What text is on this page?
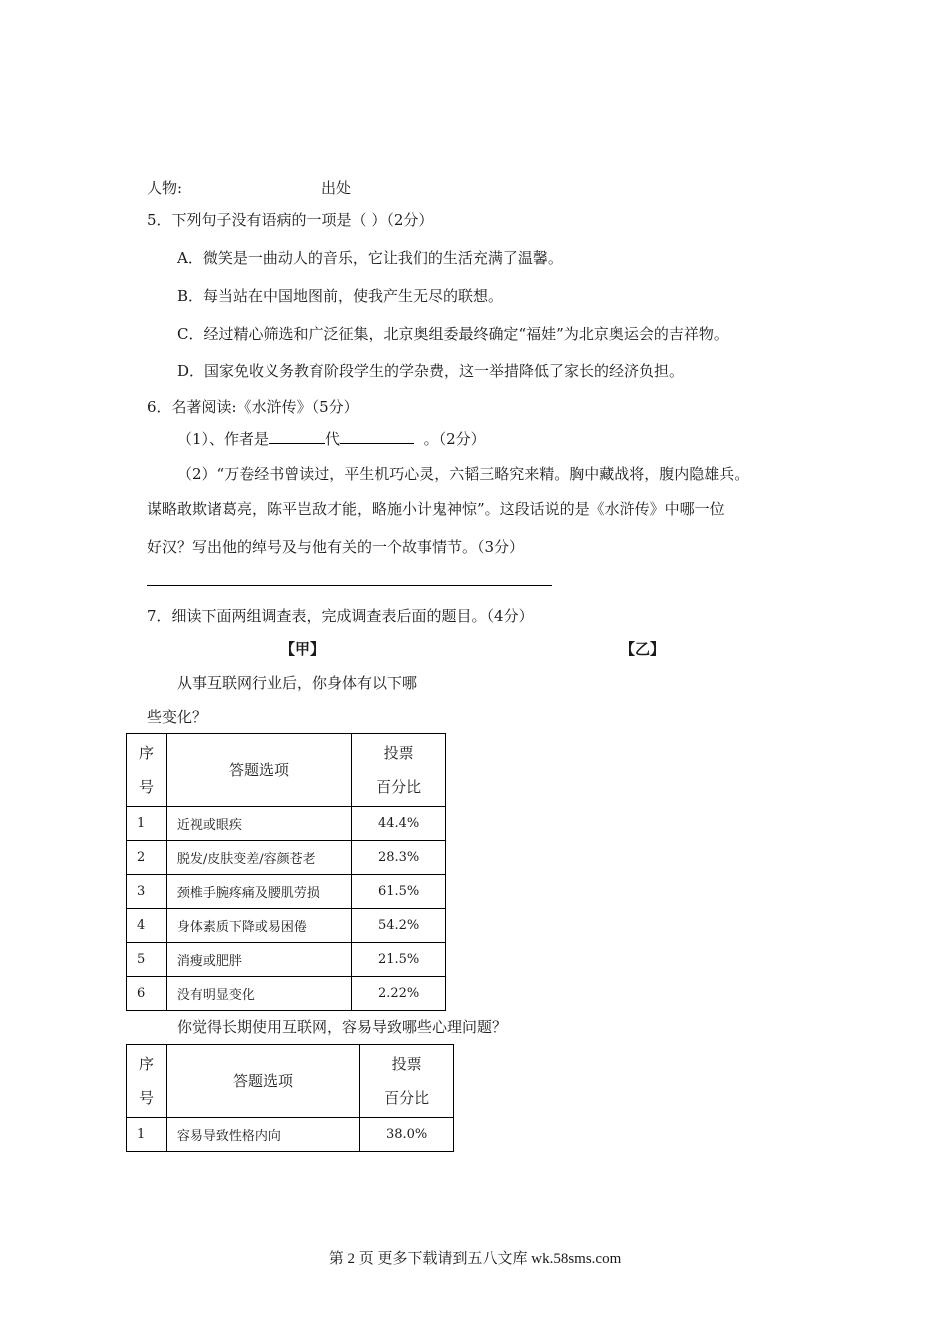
人物:	出处
5．下列句子没有语病的一项是（ ）（2分）
A．微笑是一曲动人的音乐，它让我们的生活充满了温馨。
B．每当站在中国地图前，使我产生无尽的联想。
C．经过精心筛选和广泛征集，北京奥组委最终确定“福娃”为北京奥运会的吉祥物。
D．国家免收义务教育阶段学生的学杂费，这一举措降低了家长的经济负担。
6．名著阅读:《水浒传》（5分）
（1）、作者是	代	。（2分）
（2）“万卷经书曾读过，平生机巧心灵，六韬三略究来精。胸中藏战将，腹内隐雄兵。
谋略敢欺诸葛亮，陈平岂敌才能，略施小计鬼神惊”。这段话说的是《水浒传》中哪一位
好汉？写出他的绰号及与他有关的一个故事情节。（3分）
7．细读下面两组调查表，完成调查表后面的题目。（4分）
【甲】	【乙】
从事互联网行业后，你身体有以下哪
些变化？
序
号	答题选项	投票
百分比
1	近视或眼疾	44.4%
2	脱发/皮肤变差/容颜苍老	28.3%
3	颈椎手腕疼痛及腰肌劳损	61.5%
4	身体素质下降或易困倦	54.2%
5	消瘦或肥胖	21.5%
6	没有明显变化	2.22%
你觉得长期使用互联网，容易导致哪些心理问题？
序
号	答题选项	投票
百分比
1	容易导致性格内向	38.0%
第 2 页 更多下载请到五八文库 wk.58sms.com
